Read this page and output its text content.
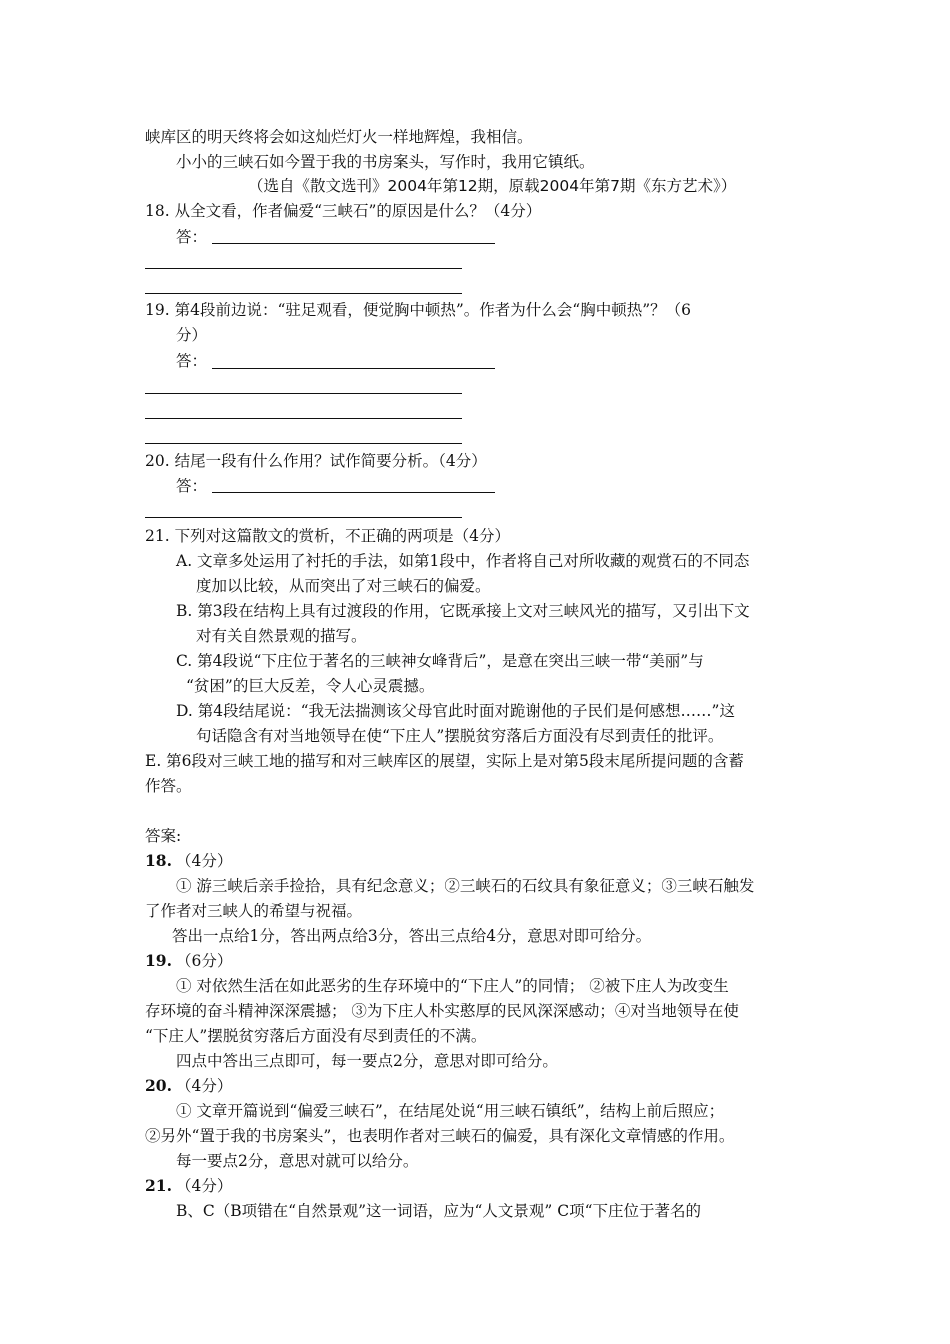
峡库区的明天终将会如这灿烂灯火一样地辉煌，我相信。
小小的三峡石如今置于我的书房案头，写作时，我用它镇纸。
（选自《散文选刊》2004年第12期，原载2004年第7期《东方艺术》）
18. 从全文看，作者偏爱“三峡石”的原因是什么？（4分）
答：
19. 第4段前边说：“驻足观看，便觉胸中顿热”。作者为什么会“胸中顿热”？（6
分）
答：
20. 结尾一段有什么作用？试作简要分析。（4分）
答：
21. 下列对这篇散文的赏析，不正确的两项是（4分）
A. 文章多处运用了衬托的手法，如第1段中，作者将自己对所收藏的观赏石的不同态
度加以比较，从而突出了对三峡石的偏爱。
B. 第3段在结构上具有过渡段的作用，它既承接上文对三峡风光的描写，又引出下文
对有关自然景观的描写。
C. 第4段说“下庄位于著名的三峡神女峰背后”，是意在突出三峡一带“美丽”与
“贫困”的巨大反差，令人心灵震撼。
D. 第4段结尾说：“我无法揣测该父母官此时面对跪谢他的子民们是何感想……”这
句话隐含有对当地领导在使“下庄人”摆脱贫穷落后方面没有尽到责任的批评。
E. 第6段对三峡工地的描写和对三峡库区的展望，实际上是对第5段末尾所提问题的含蓄
作答。
答案:
18. （4分）
① 游三峡后亲手捡拾，具有纪念意义；②三峡石的石纹具有象征意义；③三峡石触发
了作者对三峡人的希望与祝福。
答出一点给1分，答出两点给3分，答出三点给4分，意思对即可给分。
19. （6分）
① 对依然生活在如此恶劣的生存环境中的“下庄人”的同情； ②被下庄人为改变生
存环境的奋斗精神深深震撼； ③为下庄人朴实憨厚的民风深深感动；④对当地领导在使
“下庄人”摆脱贫穷落后方面没有尽到责任的不满。
四点中答出三点即可，每一要点2分，意思对即可给分。
20. （4分）
① 文章开篇说到“偏爱三峡石”，在结尾处说“用三峡石镇纸”，结构上前后照应；
②另外“置于我的书房案头”，也表明作者对三峡石的偏爱，具有深化文章情感的作用。
每一要点2分，意思对就可以给分。
21. （4分）
B、C（B项错在“自然景观”这一词语，应为“人文景观” C项“下庄位于著名的
